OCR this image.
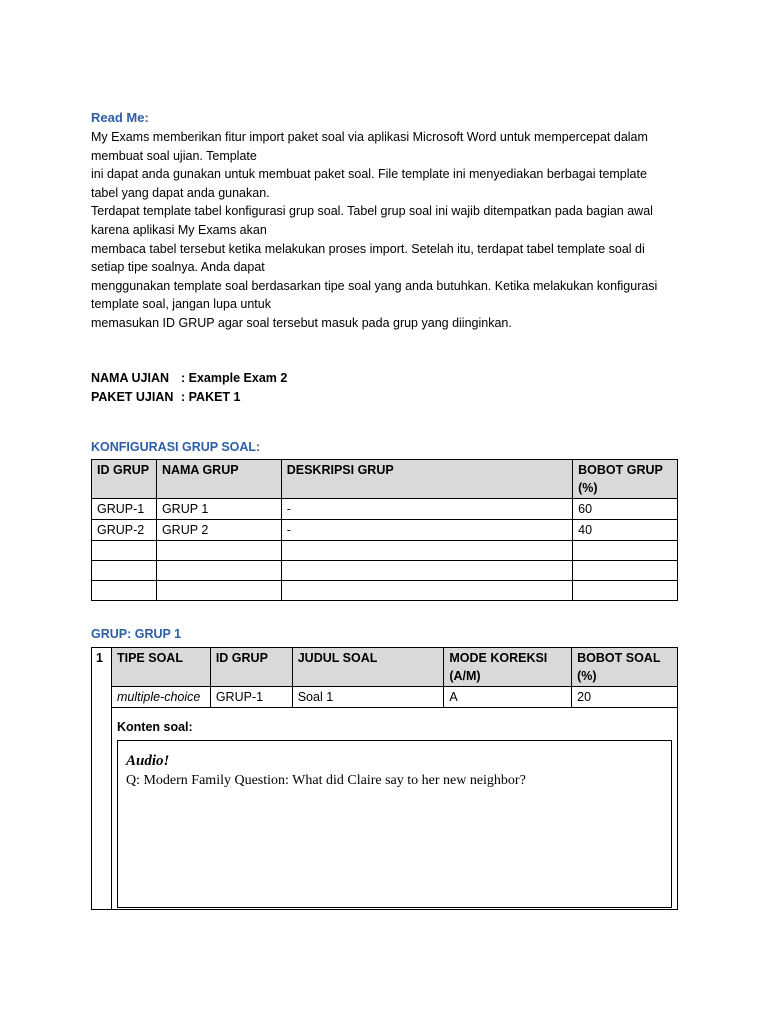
Read Me:
My Exams memberikan fitur import paket soal via aplikasi Microsoft Word untuk mempercepat dalam
membuat soal ujian. Template
ini dapat anda gunakan untuk membuat paket soal. File template ini menyediakan berbagai template
tabel yang dapat anda gunakan.
Terdapat template tabel konfigurasi grup soal. Tabel grup soal ini wajib ditempatkan pada bagian awal
karena aplikasi My Exams akan
membaca tabel tersebut ketika melakukan proses import. Setelah itu, terdapat tabel template soal di
setiap tipe soalnya. Anda dapat
menggunakan template soal berdasarkan tipe soal yang anda butuhkan. Ketika melakukan konfigurasi
template soal, jangan lupa untuk
memasukan ID GRUP agar soal tersebut masuk pada grup yang diinginkan.
NAMA UJIAN : Example Exam 2
PAKET UJIAN : PAKET 1
KONFIGURASI GRUP SOAL:
ID GRUP	NAMA GRUP	DESKRIPSI GRUP	BOBOT GRUP (%)
GRUP-1	GRUP 1	-	60
GRUP-2	GRUP 2	-	40

GRUP: GRUP 1
1	TIPE SOAL	ID GRUP	JUDUL SOAL	MODE KOREKSI (A/M)	BOBOT SOAL (%)
	multiple-choice	GRUP-1	Soal 1	A	20

	Konten soal:
Audio!
Q: Modern Family Question: What did Claire say to her new neighbor?				
